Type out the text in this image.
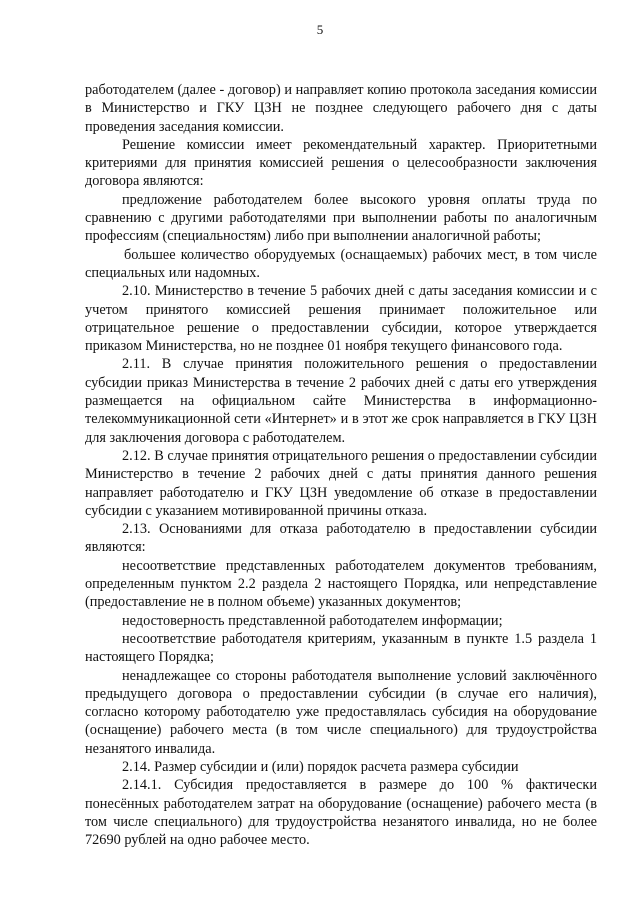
5

работодателем (далее - договор) и направляет копию протокола заседания комиссии в Министерство и ГКУ ЦЗН не позднее следующего рабочего дня с даты проведения заседания комиссии.

Решение комиссии имеет рекомендательный характер. Приоритетными критериями для принятия комиссией решения о целесообразности заключения договора являются:

предложение работодателем более высокого уровня оплаты труда по сравнению с другими работодателями при выполнении работы по аналогичным профессиям (специальностям) либо при выполнении аналогичной работы;

большее количество оборудуемых (оснащаемых) рабочих мест, в том числе специальных или надомных.

2.10. Министерство в течение 5 рабочих дней с даты заседания комиссии и с учетом принятого комиссией решения принимает положительное или отрицательное решение о предоставлении субсидии, которое утверждается приказом Министерства, но не позднее 01 ноября текущего финансового года.

2.11. В случае принятия положительного решения о предоставлении субсидии приказ Министерства в течение 2 рабочих дней с даты его утверждения размещается на официальном сайте Министерства в информационно-телекоммуникационной сети «Интернет» и в этот же срок направляется в ГКУ ЦЗН для заключения договора с работодателем.

2.12. В случае принятия отрицательного решения о предоставлении субсидии Министерство в течение 2 рабочих дней с даты принятия данного решения направляет работодателю и ГКУ ЦЗН уведомление об отказе в предоставлении субсидии с указанием мотивированной причины отказа.

2.13. Основаниями для отказа работодателю в предоставлении субсидии являются:

несоответствие представленных работодателем документов требованиям, определенным пунктом 2.2 раздела 2 настоящего Порядка, или непредставление (предоставление не в полном объеме) указанных документов;

недостоверность представленной работодателем информации;

несоответствие работодателя критериям, указанным в пункте 1.5 раздела 1 настоящего Порядка;

ненадлежащее со стороны работодателя выполнение условий заключённого предыдущего договора о предоставлении субсидии (в случае его наличия), согласно которому работодателю уже предоставлялась субсидия на оборудование (оснащение) рабочего места (в том числе специального) для трудоустройства незанятого инвалида.

2.14. Размер субсидии и (или) порядок расчета размера субсидии

2.14.1. Субсидия предоставляется в размере до 100 % фактически понесённых работодателем затрат на оборудование (оснащение) рабочего места (в том числе специального) для трудоустройства незанятого инвалида, но не более 72690 рублей на одно рабочее место.
